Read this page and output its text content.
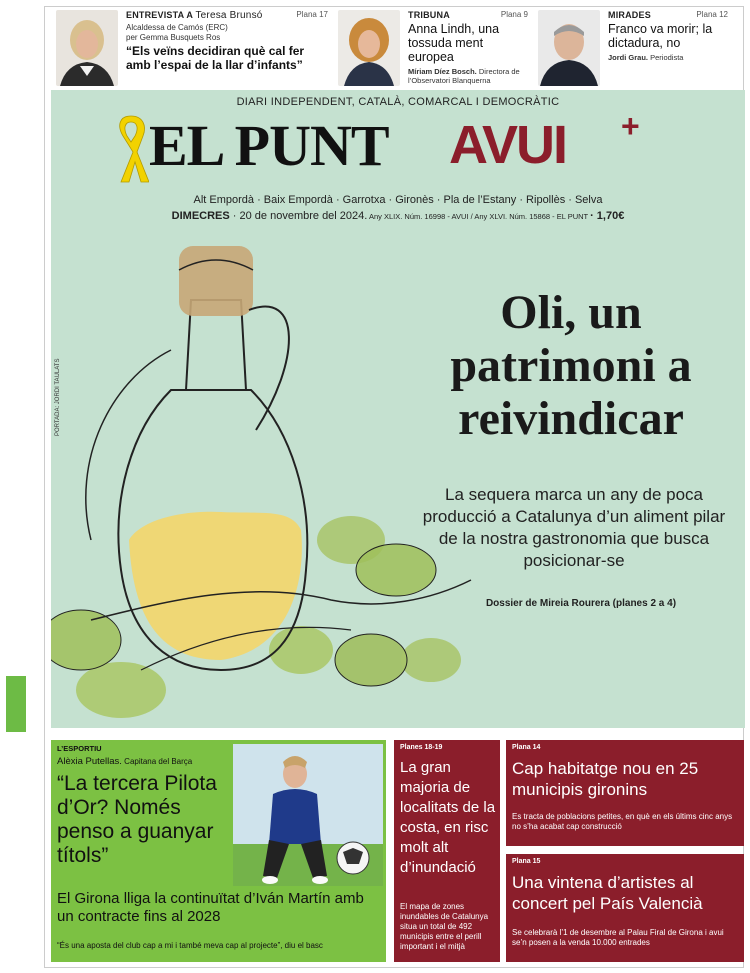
ENTREVISTA A Teresa Brunsó	Plana 17
Alcaldessa de Camós (ERC)
per Gemma Busquets Ros
“Els veïns decidiran què cal fer amb l’espai de la llar d’infants”
TRIBUNA	Plana 9
Anna Lindh, una tossuda ment europea
Míriam Díez Bosch. Directora de l’Observatori Blanquerna
MIRADES	Plana 12
Franco va morir; la dictadura, no
Jordi Grau. Periodista
DIARI INDEPENDENT, CATALÀ, COMARCAL I DEMOCRÀTIC
EL PUNT AVUI +
Alt Empordà · Baix Empordà · Garrotxa · Gironès · Pla de l’Estany · Ripollès · Selva
DIMECRES · 20 de novembre del 2024. Any XLIX. Núm. 16998 - AVUI / Any XLVI. Núm. 15868 - EL PUNT · 1,70€
PORTADA: JORDI TAULATS
Oli, un patrimoni a reivindicar
La sequera marca un any de poca producció a Catalunya d’un aliment pilar de la nostra gastronomia que busca posicionar-se
Dossier de Mireia Rourera (planes 2 a 4)
L’ESPORTIU
Alèxia Putellas. Capitana del Barça
“La tercera Pilota d’Or? Només penso a guanyar títols”
El Girona lliga la continuïtat d’Iván Martín amb un contracte fins al 2028
“És una aposta del club cap a mi i també meva cap al projecte”, diu el basc
Planes 18-19
La gran majoria de localitats de la costa, en risc molt alt d’inundació
El mapa de zones inundables de Catalunya situa un total de 492 municipis entre el perill important i el mitjà
Plana 14
Cap habitatge nou en 25 municipis gironins
Es tracta de poblacions petites, en què en els últims cinc anys no s’ha acabat cap construcció
Plana 15
Una vintena d’artistes al concert pel País Valencià
Se celebrarà l’1 de desembre al Palau Firal de Girona i avui se’n posen a la venda 10.000 entrades
